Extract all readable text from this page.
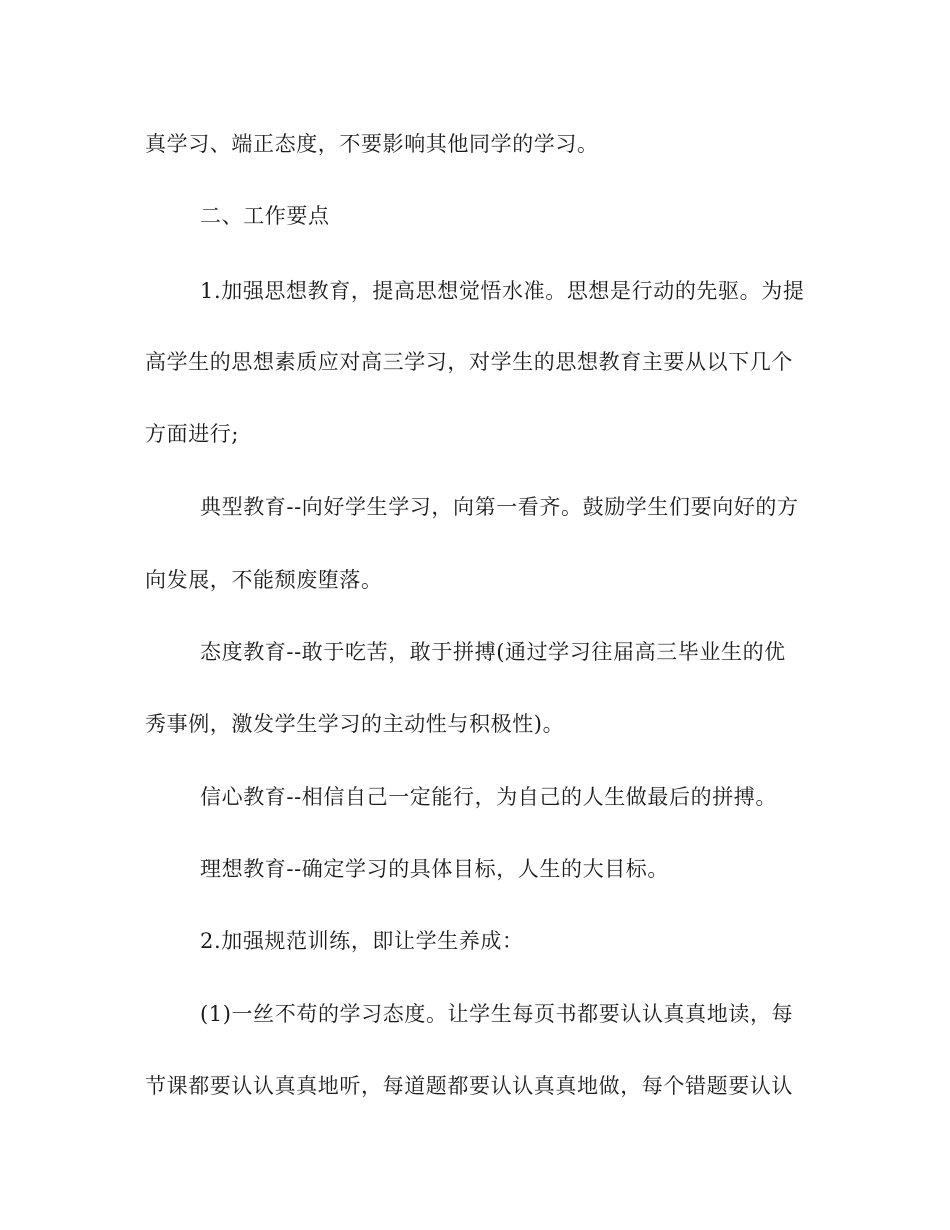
真学习、端正态度，不要影响其他同学的学习。
二、工作要点
1.加强思想教育，提高思想觉悟水准。思想是行动的先驱。为提
高学生的思想素质应对高三学习，对学生的思想教育主要从以下几个
方面进行;
典型教育--向好学生学习，向第一看齐。鼓励学生们要向好的方
向发展，不能颓废堕落。
态度教育--敢于吃苦，敢于拼搏(通过学习往届高三毕业生的优
秀事例，激发学生学习的主动性与积极性)。
信心教育--相信自己一定能行，为自己的人生做最后的拼搏。
理想教育--确定学习的具体目标，人生的大目标。
2.加强规范训练，即让学生养成：
(1)一丝不苟的学习态度。让学生每页书都要认认真真地读，每
节课都要认认真真地听，每道题都要认认真真地做，每个错题要认认
